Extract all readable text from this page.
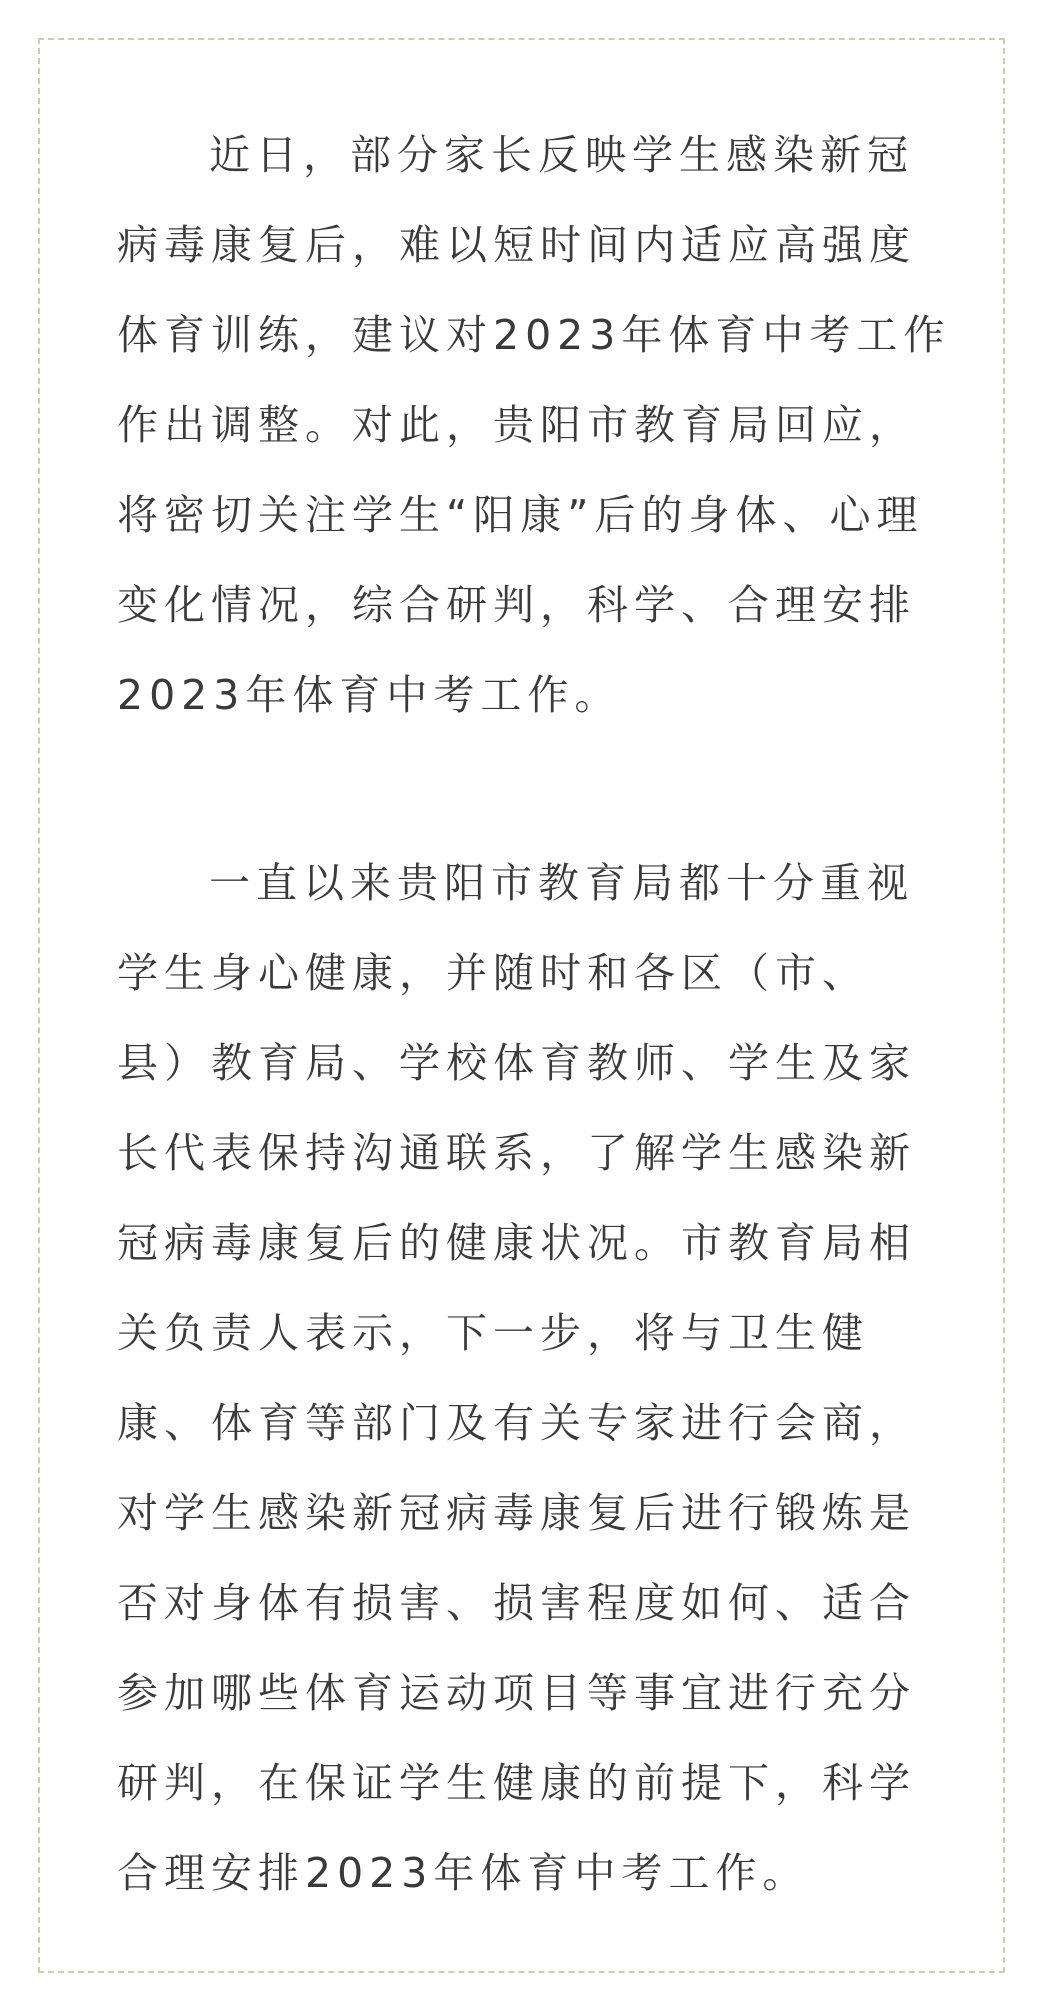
近日，部分家长反映学生感染新冠
病毒康复后，难以短时间内适应高强度
体育训练，建议对2023年体育中考工作
作出调整。对此，贵阳市教育局回应，
将密切关注学生“阳康”后的身体、心理
变化情况，综合研判，科学、合理安排
2023年体育中考工作。
一直以来贵阳市教育局都十分重视
学生身心健康，并随时和各区（市、
县）教育局、学校体育教师、学生及家
长代表保持沟通联系，了解学生感染新
冠病毒康复后的健康状况。市教育局相
关负责人表示，下一步，将与卫生健
康、体育等部门及有关专家进行会商，
对学生感染新冠病毒康复后进行锻炼是
否对身体有损害、损害程度如何、适合
参加哪些体育运动项目等事宜进行充分
研判，在保证学生健康的前提下，科学
合理安排2023年体育中考工作。
